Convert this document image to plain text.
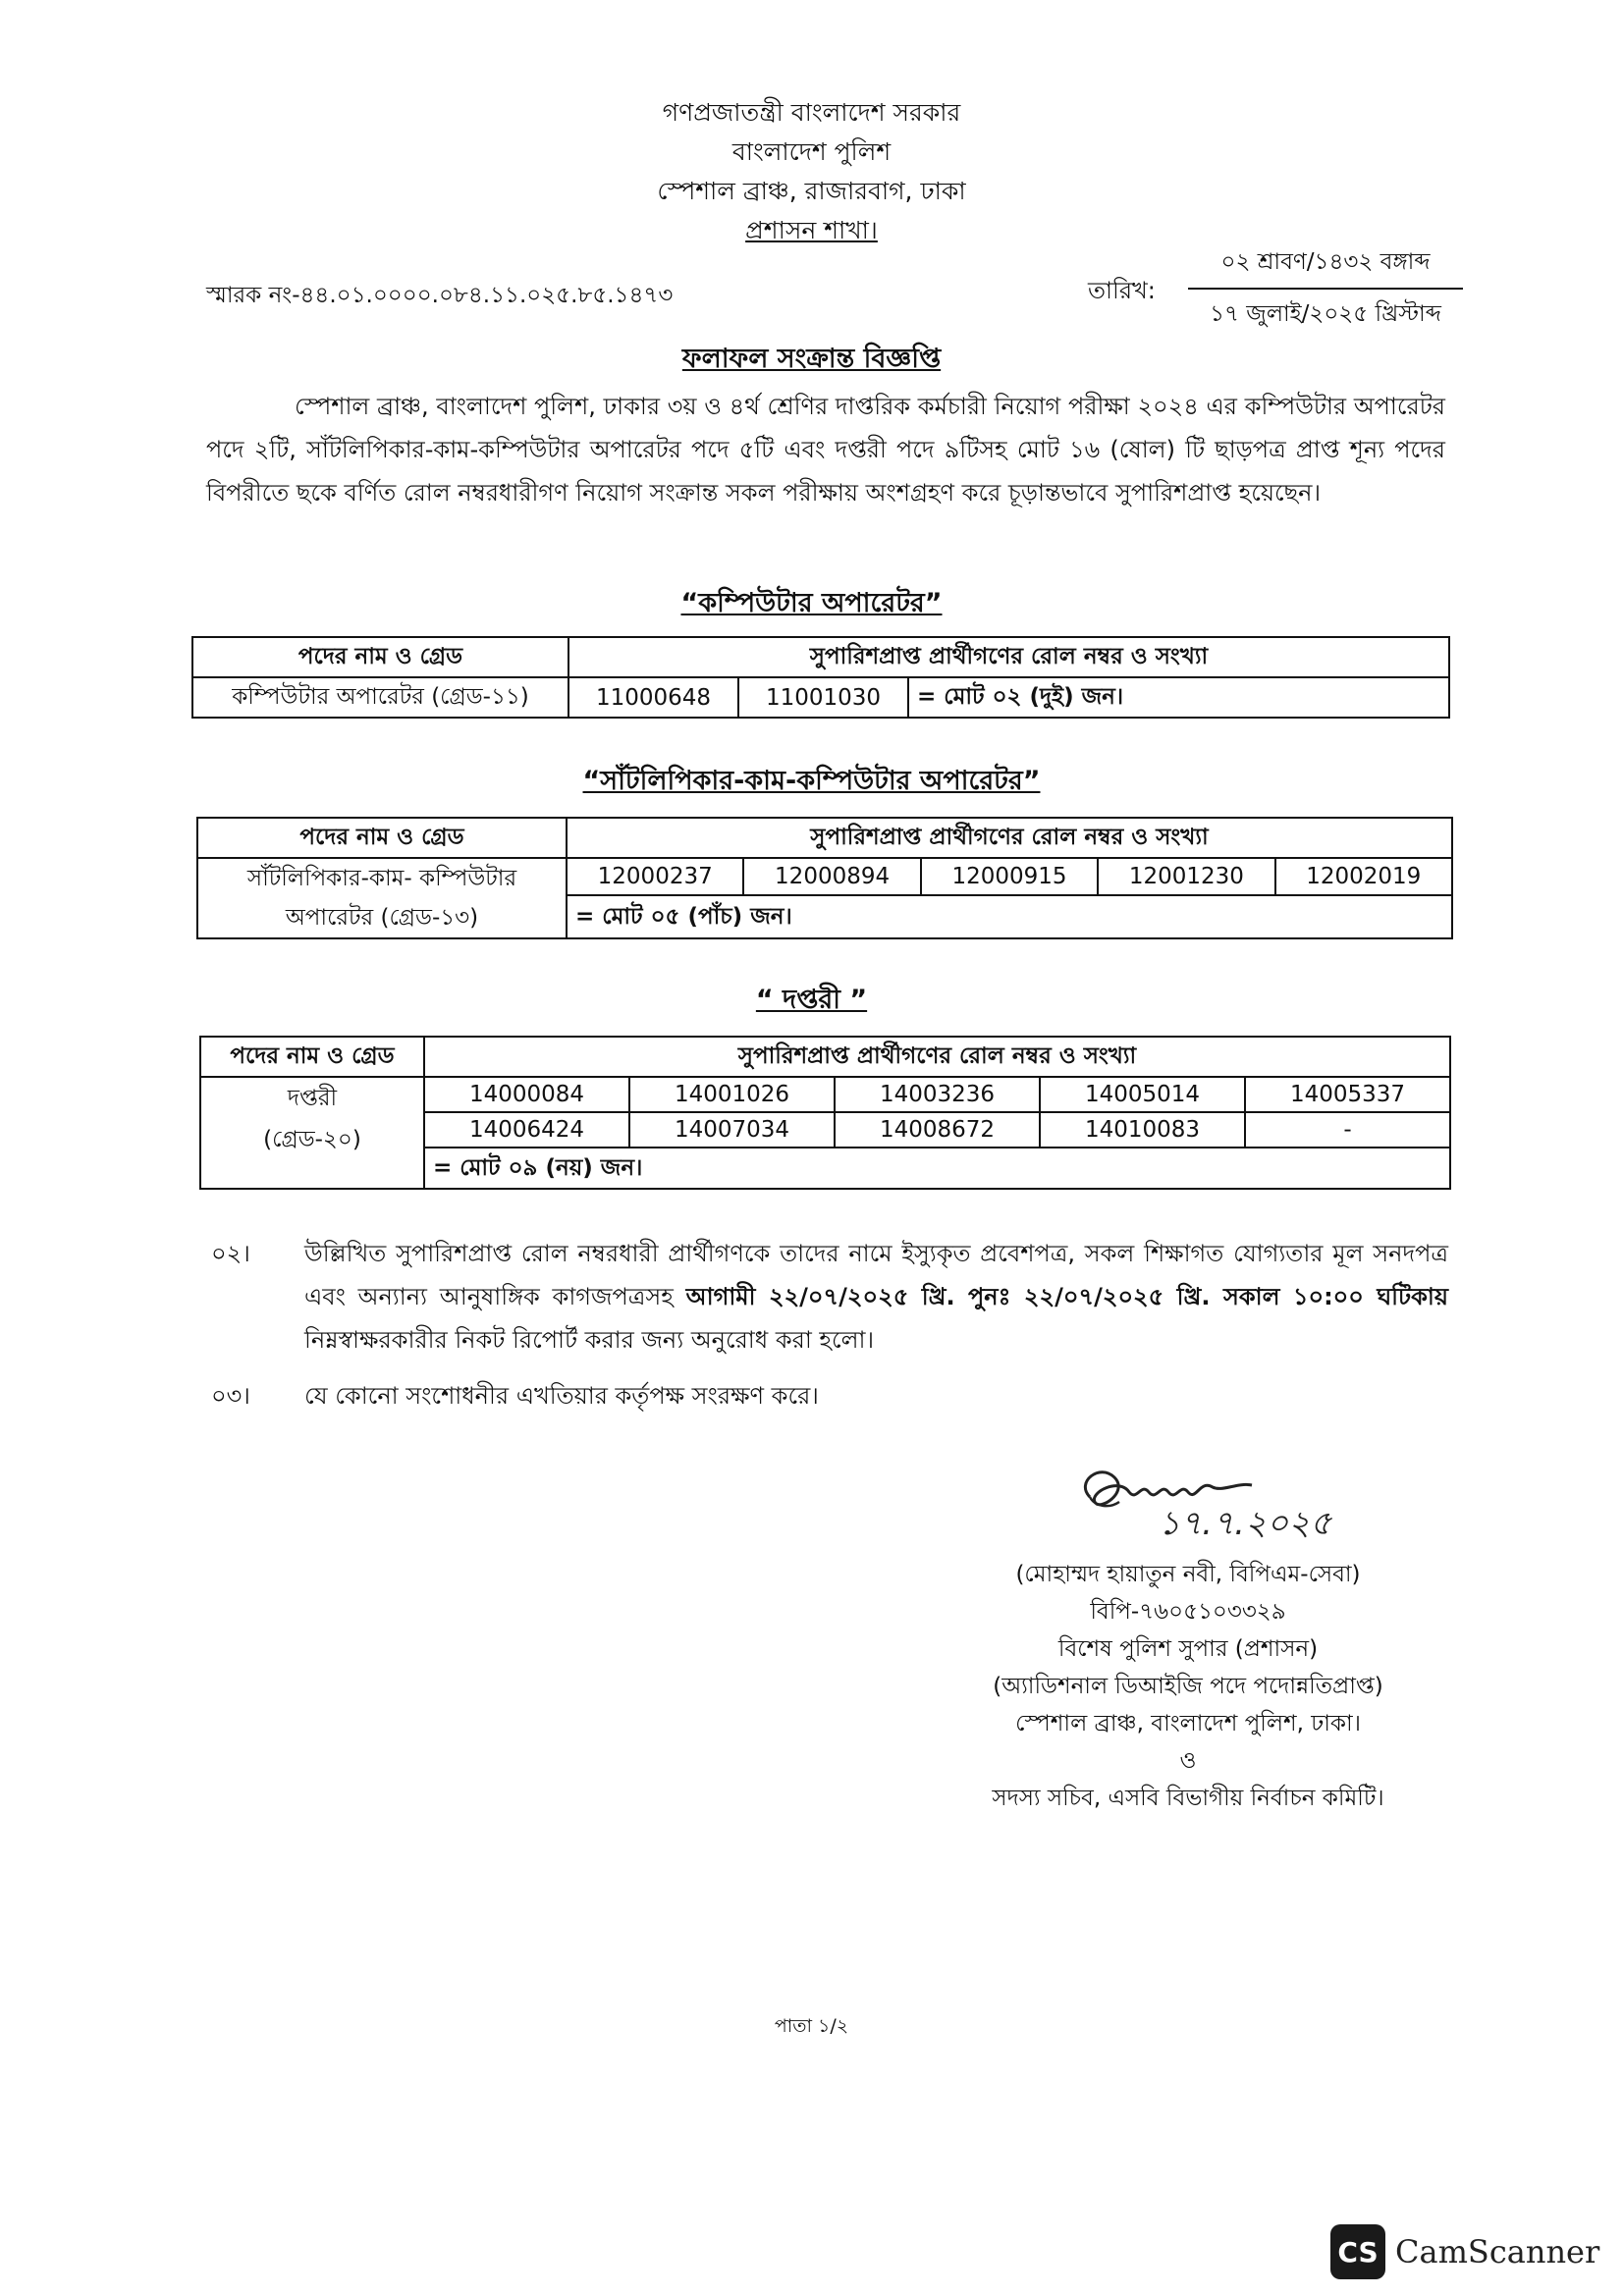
গণপ্রজাতন্ত্রী বাংলাদেশ সরকার
বাংলাদেশ পুলিশ
স্পেশাল ব্রাঞ্চ, রাজারবাগ, ঢাকা
প্রশাসন শাখা।
স্মারক নং-৪৪.০১.০০০০.০৮৪.১১.০২৫.৮৫.১৪৭৩	তারিখ:
০২ শ্রাবণ/১৪৩২ বঙ্গাব্দ
১৭ জুলাই/২০২৫ খ্রিস্টাব্দ
ফলাফল সংক্রান্ত বিজ্ঞপ্তি
স্পেশাল ব্রাঞ্চ, বাংলাদেশ পুলিশ, ঢাকার ৩য় ও ৪র্থ শ্রেণির দাপ্তরিক কর্মচারী নিয়োগ পরীক্ষা ২০২৪ এর কম্পিউটার অপারেটর পদে ২টি, সাঁটলিপিকার-কাম-কম্পিউটার অপারেটর পদে ৫টি এবং দপ্তরী পদে ৯টিসহ মোট ১৬ (ষোল) টি ছাড়পত্র প্রাপ্ত শূন্য পদের বিপরীতে ছকে বর্ণিত রোল নম্বরধারীগণ নিয়োগ সংক্রান্ত সকল পরীক্ষায় অংশগ্রহণ করে চূড়ান্তভাবে সুপারিশপ্রাপ্ত হয়েছেন।
“কম্পিউটার অপারেটর”
পদের নাম ও গ্রেড	সুপারিশপ্রাপ্ত প্রার্থীগণের রোল নম্বর ও সংখ্যা		
কম্পিউটার অপারেটর (গ্রেড-১১)	11000648	11001030	= মোট ০২ (দুই) জন।
“সাঁটলিপিকার-কাম-কম্পিউটার অপারেটর”
পদের নাম ও গ্রেড	সুপারিশপ্রাপ্ত প্রার্থীগণের রোল নম্বর ও সংখ্যা				
সাঁটলিপিকার-কাম- কম্পিউটার
অপারেটর (গ্রেড-১৩)	12000237	12000894	12000915	12001230	12002019
	= মোট ০৫ (পাঁচ) জন।				
“ দপ্তরী ”
পদের নাম ও গ্রেড	সুপারিশপ্রাপ্ত প্রার্থীগণের রোল নম্বর ও সংখ্যা				
দপ্তরী
(গ্রেড-২০)	14000084	14001026	14003236	14005014	14005337
	14006424	14007034	14008672	14010083	-
	= মোট ০৯ (নয়) জন।				
০২। উল্লিখিত সুপারিশপ্রাপ্ত রোল নম্বরধারী প্রার্থীগণকে তাদের নামে ইস্যুকৃত প্রবেশপত্র, সকল শিক্ষাগত যোগ্যতার মূল সনদপত্র এবং অন্যান্য আনুষাঙ্গিক কাগজপত্রসহ আগামী ২২/০৭/২০২৫ খ্রি. পুনঃ ২২/০৭/২০২৫ খ্রি. সকাল ১০:০০ ঘটিকায় নিম্নস্বাক্ষরকারীর নিকট রিপোর্ট করার জন্য অনুরোধ করা হলো।
০৩। যে কোনো সংশোধনীর এখতিয়ার কর্তৃপক্ষ সংরক্ষণ করে।
১৭.৭.২০২৫
(মোহাম্মদ হায়াতুন নবী, বিপিএম-সেবা)
বিপি-৭৬০৫১০৩৩২৯
বিশেষ পুলিশ সুপার (প্রশাসন)
(অ্যাডিশনাল ডিআইজি পদে পদোন্নতিপ্রাপ্ত)
স্পেশাল ব্রাঞ্চ, বাংলাদেশ পুলিশ, ঢাকা।
ও
সদস্য সচিব, এসবি বিভাগীয় নির্বাচন কমিটি।
পাতা ১/২
CS CamScanner
